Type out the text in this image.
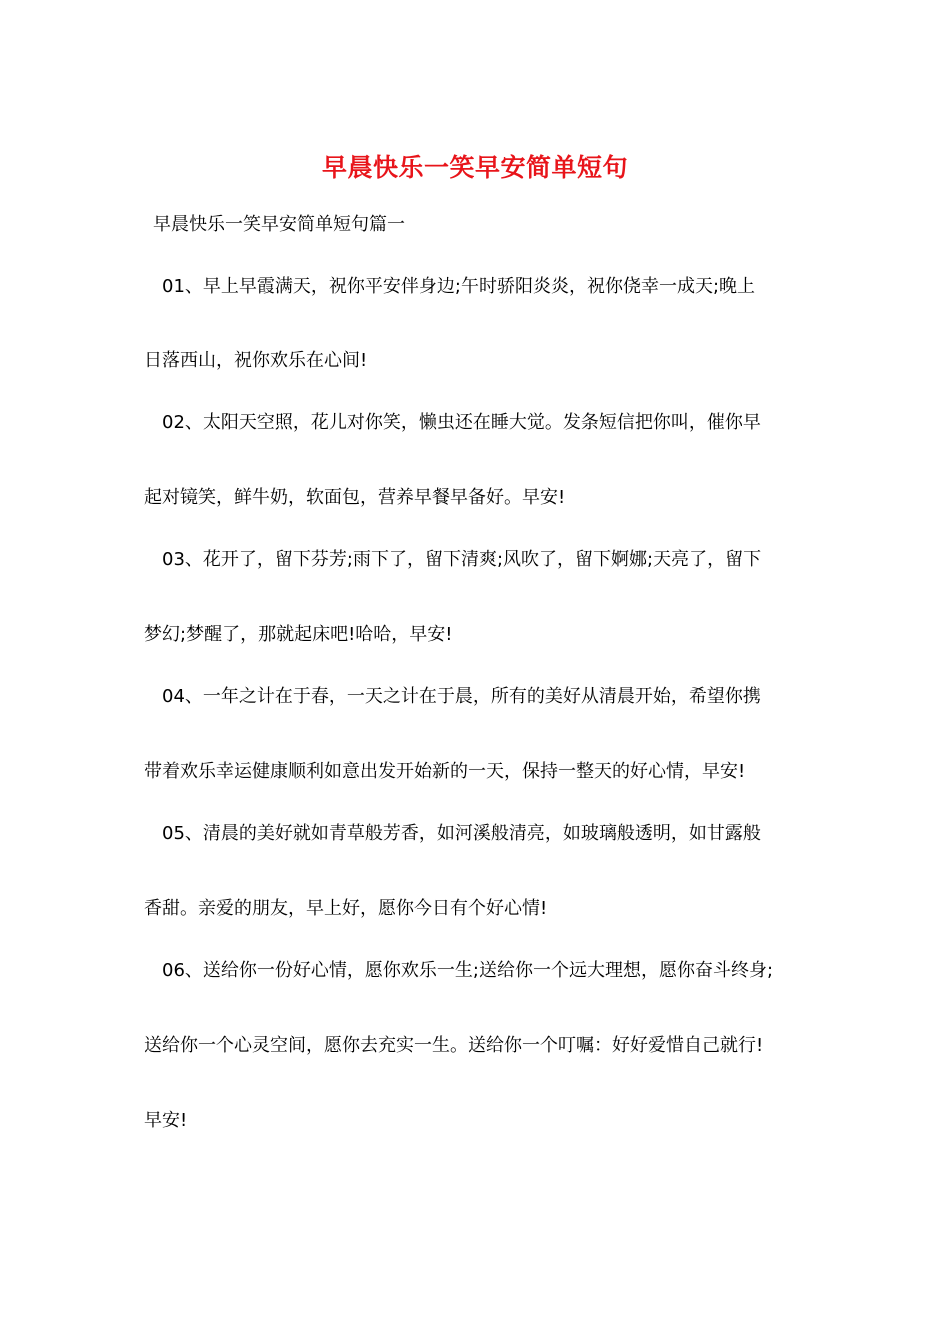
早晨快乐一笑早安简单短句
早晨快乐一笑早安简单短句篇一
01、早上早霞满天，祝你平安伴身边;午时骄阳炎炎，祝你侥幸一成天;晚上
日落西山，祝你欢乐在心间!
02、太阳天空照，花儿对你笑，懒虫还在睡大觉。发条短信把你叫，催你早
起对镜笑，鲜牛奶，软面包，营养早餐早备好。早安!
03、花开了，留下芬芳;雨下了，留下清爽;风吹了，留下婀娜;天亮了，留下
梦幻;梦醒了，那就起床吧!哈哈，早安!
04、一年之计在于春，一天之计在于晨，所有的美好从清晨开始，希望你携
带着欢乐幸运健康顺利如意出发开始新的一天，保持一整天的好心情，早安!
05、清晨的美好就如青草般芳香，如河溪般清亮，如玻璃般透明，如甘露般
香甜。亲爱的朋友，早上好，愿你今日有个好心情!
06、送给你一份好心情，愿你欢乐一生;送给你一个远大理想，愿你奋斗终身;
送给你一个心灵空间，愿你去充实一生。送给你一个叮嘱：好好爱惜自己就行!
早安!
